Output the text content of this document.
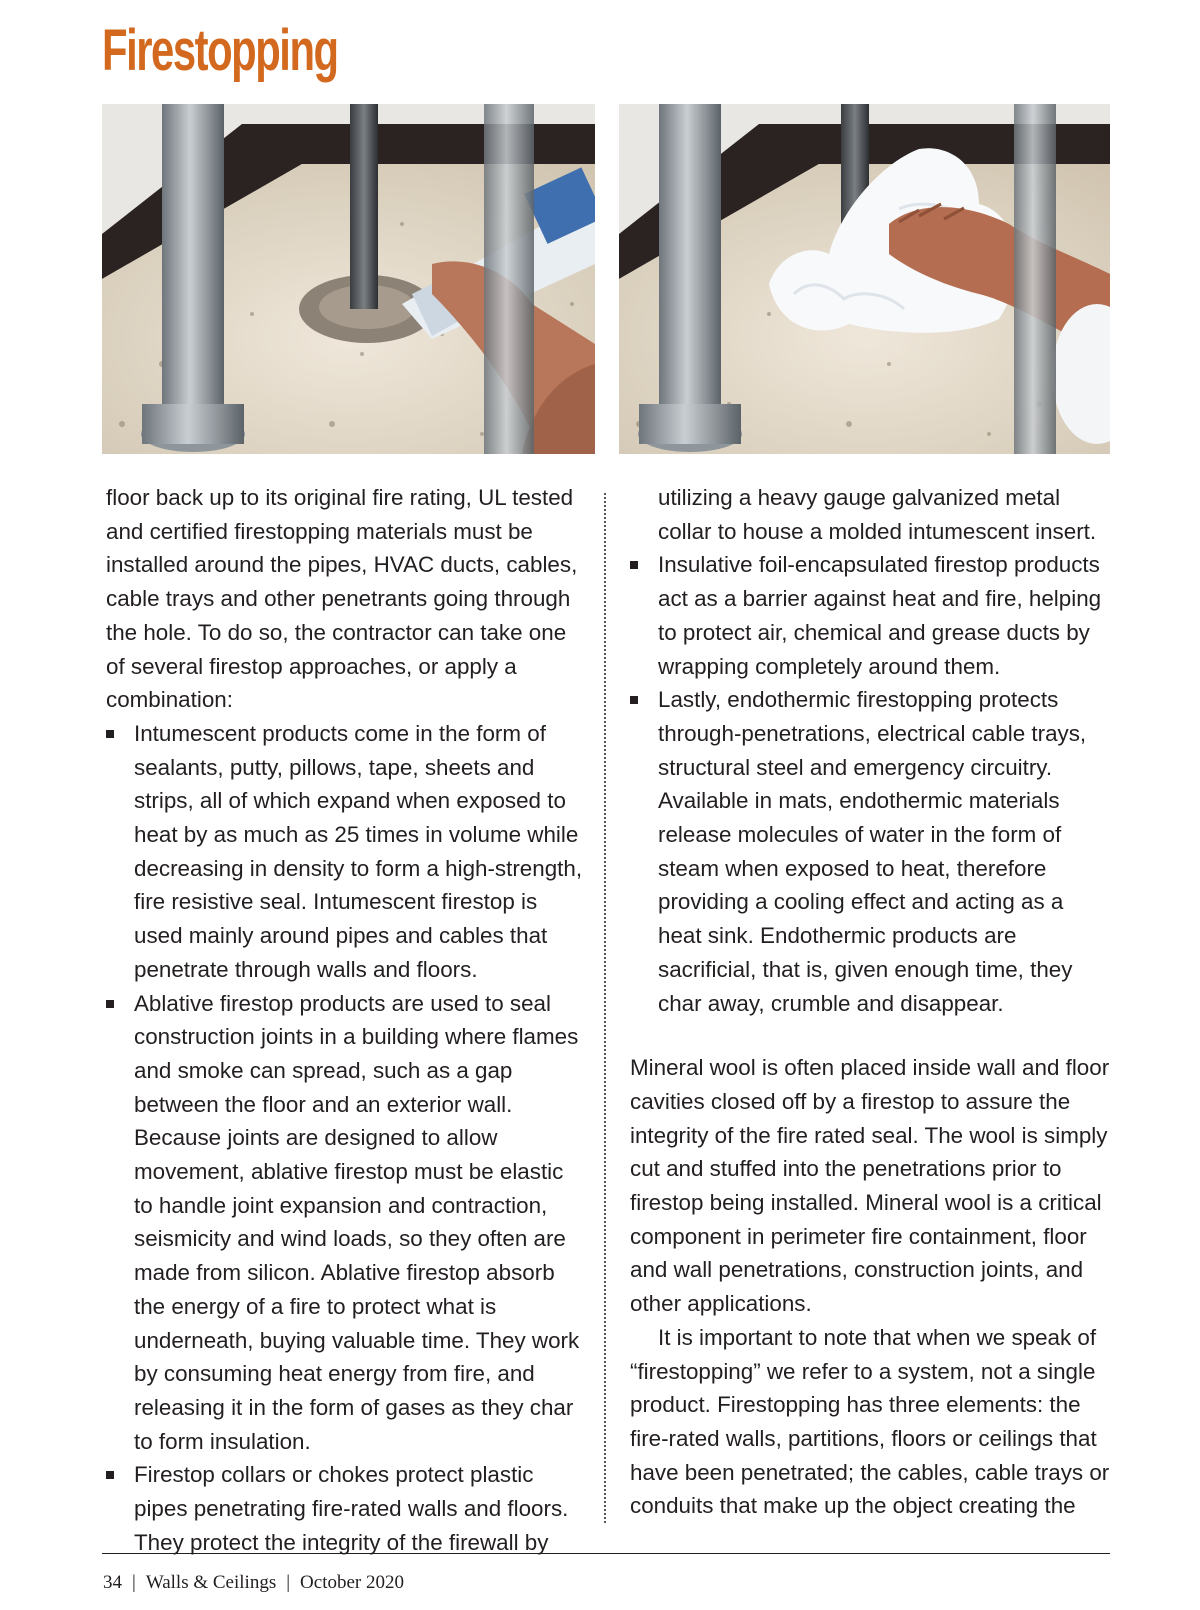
Firestopping

floor back up to its original fire rating, UL tested and certified firestopping materials must be installed around the pipes, HVAC ducts, cables, cable trays and other penetrants going through the hole. To do so, the contractor can take one of several firestop approaches, or apply a combination:

Intumescent products come in the form of sealants, putty, pillows, tape, sheets and strips, all of which expand when exposed to heat by as much as 25 times in volume while decreasing in density to form a high-strength, fire resistive seal. Intumescent firestop is used mainly around pipes and cables that penetrate through walls and floors.
Ablative firestop products are used to seal construction joints in a building where flames and smoke can spread, such as a gap between the floor and an exterior wall. Because joints are designed to allow movement, ablative firestop must be elastic to handle joint expansion and contraction, seismicity and wind loads, so they often are made from silicon. Ablative firestop absorb the energy of a fire to protect what is underneath, buying valuable time. They work by consuming heat energy from fire, and releasing it in the form of gases as they char to form insulation.
Firestop collars or chokes protect plastic pipes penetrating fire-rated walls and floors. They protect the integrity of the firewall by

utilizing a heavy gauge galvanized metal collar to house a molded intumescent insert.

Insulative foil-encapsulated firestop products act as a barrier against heat and fire, helping to protect air, chemical and grease ducts by wrapping completely around them.
Lastly, endothermic firestopping protects through-penetrations, electrical cable trays, structural steel and emergency circuitry. Available in mats, endothermic materials release molecules of water in the form of steam when exposed to heat, therefore providing a cooling effect and acting as a heat sink. Endothermic products are sacrificial, that is, given enough time, they char away, crumble and disappear.

Mineral wool is often placed inside wall and floor cavities closed off by a firestop to assure the integrity of the fire rated seal. The wool is simply cut and stuffed into the penetrations prior to firestop being installed. Mineral wool is a critical component in perimeter fire containment, floor and wall penetrations, construction joints, and other applications.

It is important to note that when we speak of “firestopping” we refer to a system, not a single product. Firestopping has three elements: the fire-rated walls, partitions, floors or ceilings that have been penetrated; the cables, cable trays or conduits that make up the object creating the

34 | Walls & Ceilings | October 2020
